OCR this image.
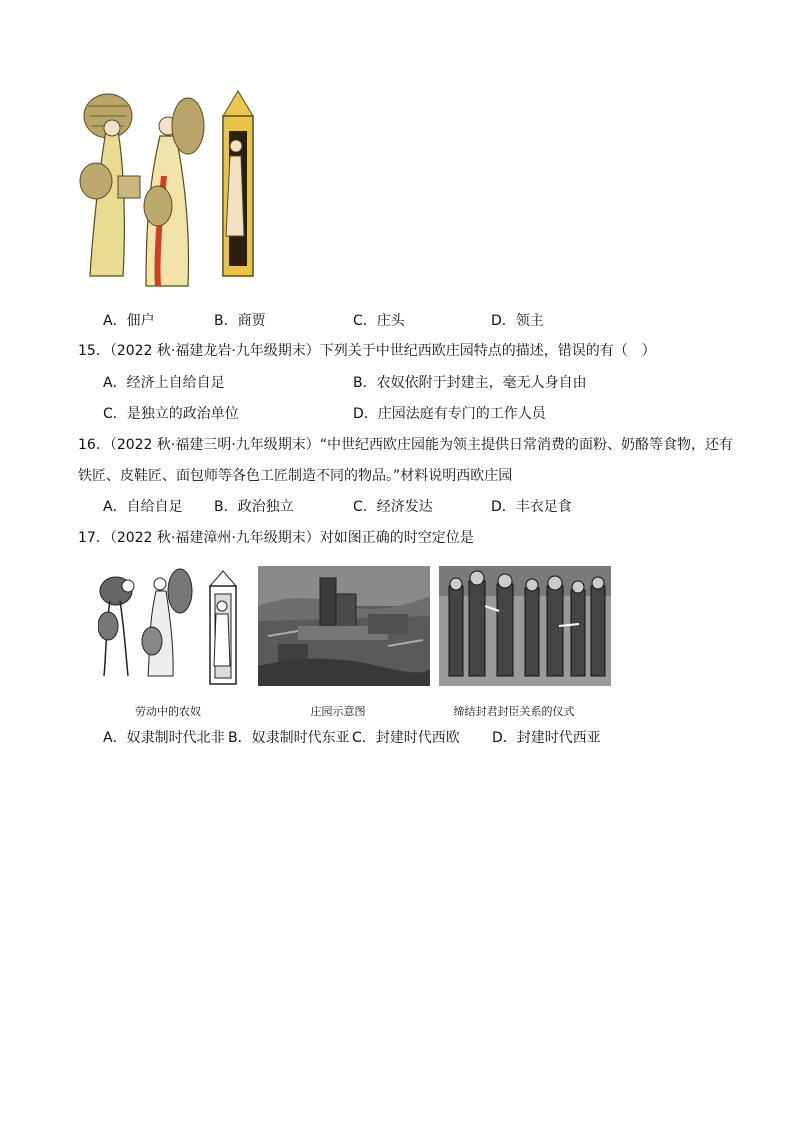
A．佃户	B．商贾	C．庄头	D．领主
15．（2022 秋·福建龙岩·九年级期末）下列关于中世纪西欧庄园特点的描述，错误的有（　）
A．经济上自给自足	B．农奴依附于封建主，毫无人身自由
C．是独立的政治单位	D．庄园法庭有专门的工作人员
16．（2022 秋·福建三明·九年级期末）“中世纪西欧庄园能为领主提供日常消费的面粉、奶酪等食物，还有
铁匠、皮鞋匠、面包师等各色工匠制造不同的物品。”材料说明西欧庄园
A．自给自足 B．政治独立	C．经济发达	D．丰衣足食
17．（2022 秋·福建漳州·九年级期末）对如图正确的时空定位是
劳动中的农奴	庄园示意图	缔结封君封臣关系的仪式
A．奴隶制时代北非 B．奴隶制时代东亚 C．封建时代西欧 D．封建时代西亚
